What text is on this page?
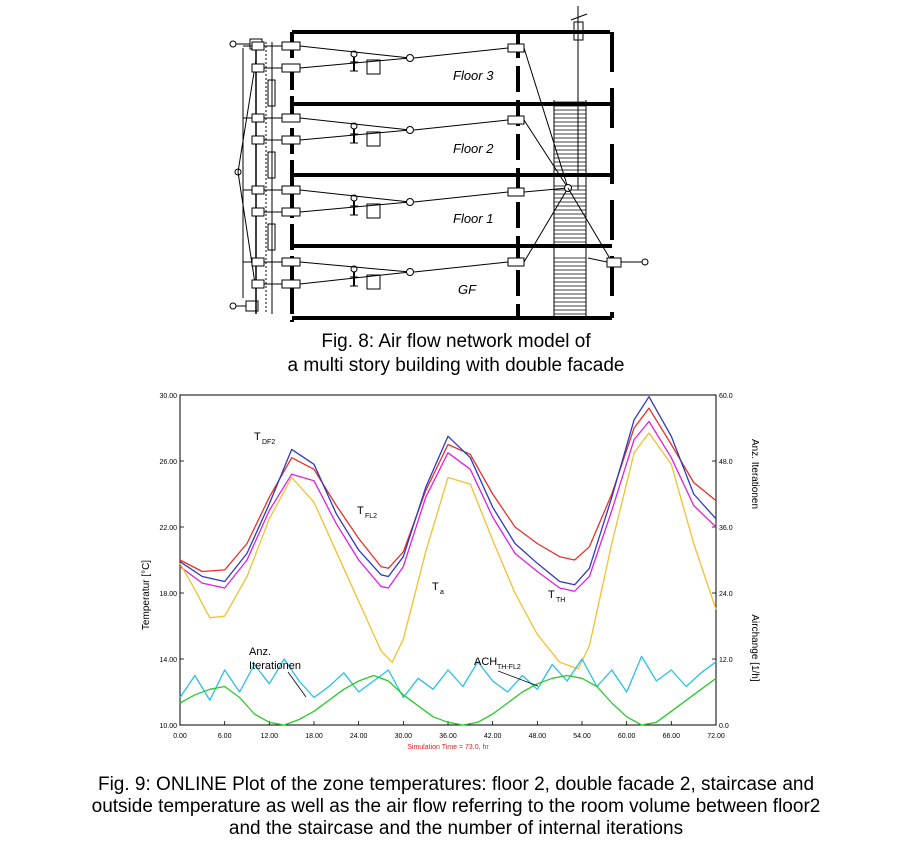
Floor 3
Floor 2
Floor 1
GF
Fig. 8: Air flow network model of
a multi story building with double facade
0.00	6.00	12.00	18.00	24.00	30.00	36.00	42.00	48.00	54.00	60.00	66.00	72.00
10.00
14.00
18.00
22.00
26.00
30.00
0.0
12.0
24.0
36.0
48.0
60.0
Temperatur [°C]
Anz. Iterationen
Airchange [1/h]
Simulation Time = 73.0, hr
T DF2
T FL2
T a	T TH
Anz.
Iterationen	ACH TH-FL2
Fig. 9: ONLINE Plot of the zone temperatures: floor 2, double facade 2, staircase and
outside temperature as well as the air flow referring to the room volume between floor2
and the staircase and the number of internal iterations
